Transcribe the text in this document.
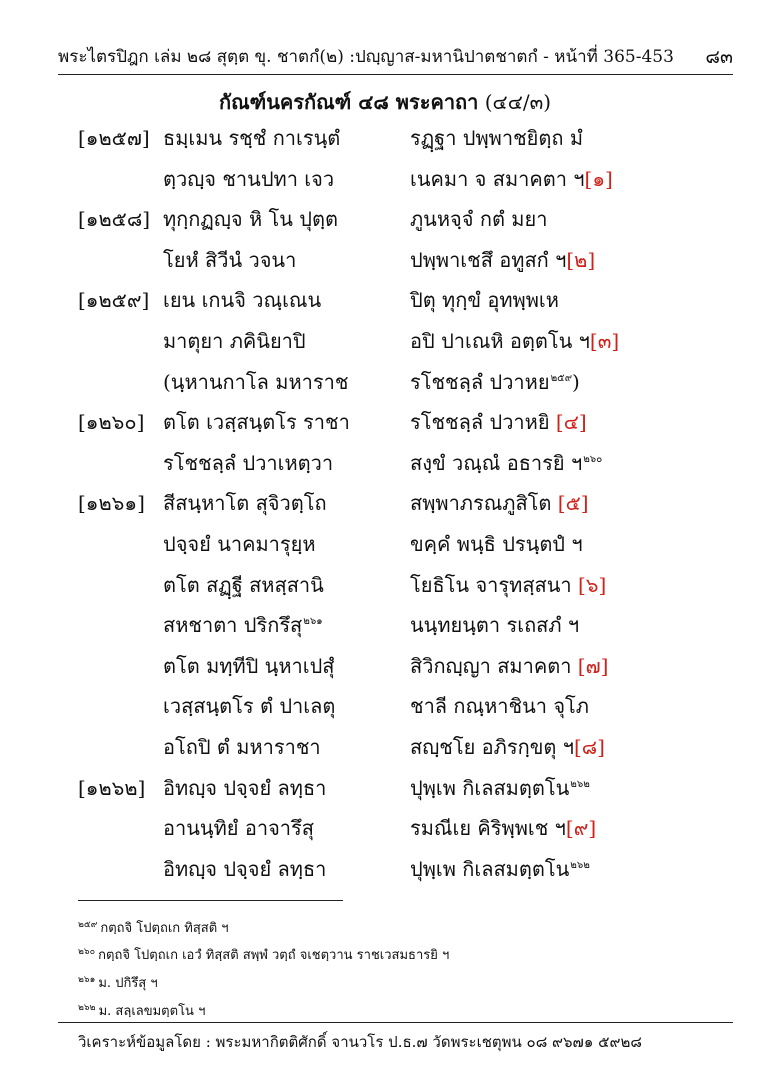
พระไตรปิฎก เล่ม ๒๘ สุตฺต ขุ. ชาตกํ(๒) :ปญฺญาส-มหานิปาตชาตกํ - หน้าที่ 365-453 ๘๓
กัณฑ์นครกัณฑ์ ๔๘ พระคาถา (๔๔/๓)
[๑๒๕๗] ธมฺเมน รชฺชํ กาเรนฺตํ	รฏฺฐา ปพฺพาชยิตฺถ มํ
ตฺวญฺจ ชานปทา เจว	เนคมา จ สมาคตา ฯ[๑]
[๑๒๕๘] ทุกฺกฏญฺจ หิ โน ปุตฺต	ภูนหจฺจํ กตํ มยา
โยหํ สิวีนํ วจนา	ปพฺพาเชสึ อทูสกํ ฯ[๒]
[๑๒๕๙] เยน เกนจิ วณฺเณน	ปิตุ ทุกฺขํ อุทพฺพเห
มาตุยา ภคินิยาปิ	อปิ ปาเณหิ อตฺตโน ฯ[๓]
(นฺหานกาโล มหาราช	รโชชลฺลํ ปวาหย$^{๒๕๙}$)
[๑๒๖๐] ตโต เวสฺสนฺตโร ราชา	รโชชลฺลํ ปวาหยิ [๔]
รโชชลฺลํ ปวาเหตฺวา	สงฺขํ วณฺณํ อธารยิ ฯ$^{๒๖๐}$
[๑๒๖๑] สีสนฺหาโต สุจิวตฺโถ	สพฺพาภรณภูสิโต [๕]
ปจฺจยํ นาคมารุยฺห	ขคฺคํ พนฺธิ ปรนฺตปํ ฯ
ตโต สฏฺฐี สหสฺสานิ	โยธิโน จารุทสฺสนา [๖]
สหชาตา ปริกรึสุ$^{๒๖๑}$	นนฺทยนฺตา รเถสภํ ฯ
ตโต มทฺทีปิ นฺหาเปสุํ	สิวิกญฺญา สมาคตา [๗]
เวสฺสนฺตโร ตํ ปาเลตุ	ชาลี กณฺหาชินา จุโภ
อโถปิ ตํ มหาราชา	สญฺชโย อภิรกฺขตุ ฯ[๘]
[๑๒๖๒] อิทญฺจ ปจฺจยํ ลทฺธา	ปุพฺเพ กิเลสมตฺตโน$^{๒๖๒}$
อานนฺทิยํ อาจารึสุ	รมณีเย คิริพฺพเช ฯ[๙]
อิทญฺจ ปจฺจยํ ลทฺธา	ปุพฺเพ กิเลสมตฺตโน$^{๒๖๒}$
$^{๒๕๙}$ กตฺถจิ โปตฺถเก ทิสฺสติ ฯ
$^{๒๖๐}$ กตฺถจิ โปตฺถเก เอวํ ทิสฺสติ สพฺพํ วตฺถํ จเชตฺวาน ราชเวสมธารยิ ฯ
$^{๒๖๑}$ ม. ปกิรึสุ ฯ
$^{๒๖๒}$ ม. สลฺเลขมตฺตโน ฯ
วิเคราะห์ข้อมูลโดย : พระมหากิตติศักดิ์ จานวโร ป.ธ.๗ วัดพระเชตุพน ๐๘ ๙๖๗๑ ๕๙๒๘
